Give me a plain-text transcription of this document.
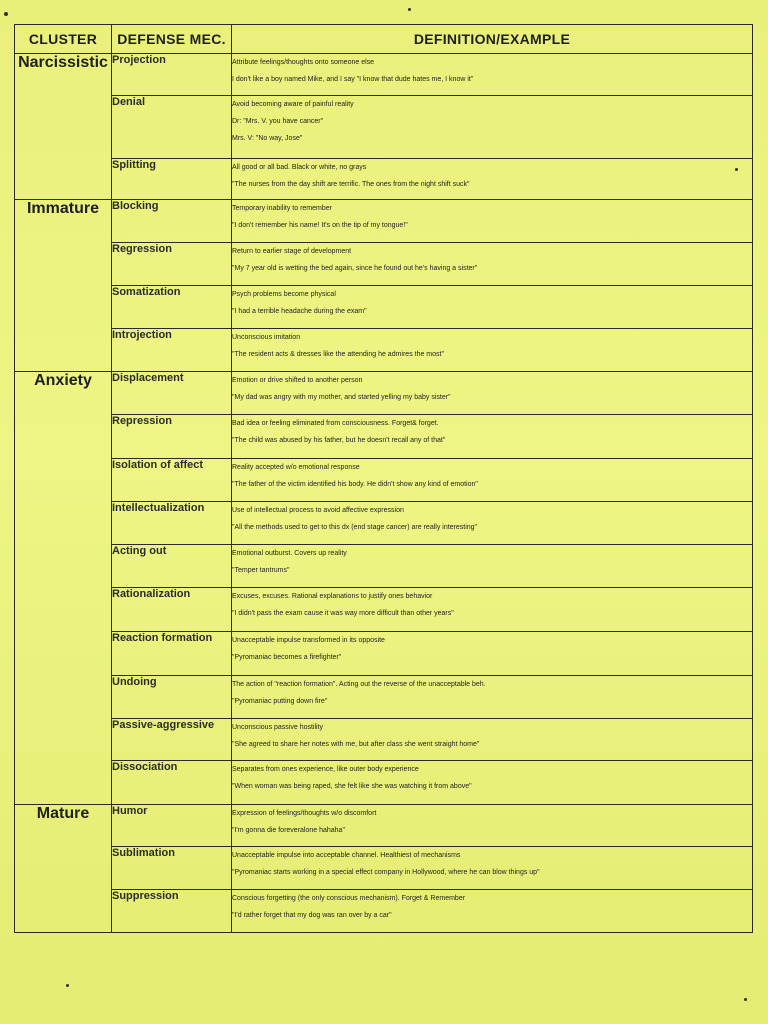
CLUSTER	DEFENSE MEC.	DEFINITION/EXAMPLE
Narcissistic	Projection	Attribute feelings/thoughts onto someone else
I don't like a boy named Mike, and I say "I know that dude hates me, I know it"

	Denial	Avoid becoming aware of painful reality
Dr: "Mrs. V. you have cancer"
Mrs. V: "No way, Jose"

	Splitting	All good or all bad. Black or white, no grays
"The nurses from the day shift are terrific. The ones from the night shift suck"

Immature	Blocking	Temporary inability to remember
"I don't remember his name! It's on the tip of my tongue!"

	Regression	Return to earlier stage of development
"My 7 year old is wetting the bed again, since he found out he's having a sister"

	Somatization	Psych problems become physical
"I had a terrible headache during the exam"

	Introjection	Unconscious imitation
"The resident acts & dresses like the attending he admires the most"

Anxiety	Displacement	Emotion or drive shifted to another person
"My dad was angry with my mother, and started yelling my baby sister"

	Repression	Bad idea or feeling eliminated from consciousness. Forget& forget.
"The child was abused by his father, but he doesn't recall any of that"

	Isolation of affect	Reality accepted w/o emotional response
"The father of the victim identified his body. He didn't show any kind of emotion"

	Intellectualization	Use of intellectual process to avoid affective expression
"All the methods used to get to this dx (end stage cancer) are really interesting"

	Acting out	Emotional outburst. Covers up reality
"Temper tantrums"

	Rationalization	Excuses, excuses. Rational explanations to justify ones behavior
"I didn't pass the exam cause it was way more difficult than other years"

	Reaction formation	Unacceptable impulse transformed in its opposite
"Pyromaniac becomes a firefighter"

	Undoing	The action of "reaction formation". Acting out the reverse of the unacceptable beh.
"Pyromaniac putting down fire"

	Passive-aggressive	Unconscious passive hostility
"She agreed to share her notes with me, but after class she went straight home"

	Dissociation	Separates from ones experience, like outer body experience
"When woman was being raped, she felt like she was watching it from above"

Mature	Humor	Expression of feelings/thoughts w/o discomfort
"I'm gonna die foreveralone hahaha"

	Sublimation	Unacceptable impulse into acceptable channel. Healthiest of mechanisms
"Pyromaniac starts working in a special effect company in Hollywood, where he can blow things up"

	Suppression	Conscious forgetting (the only conscious mechanism). Forget & Remember
"I'd rather forget that my dog was ran over by a car"
